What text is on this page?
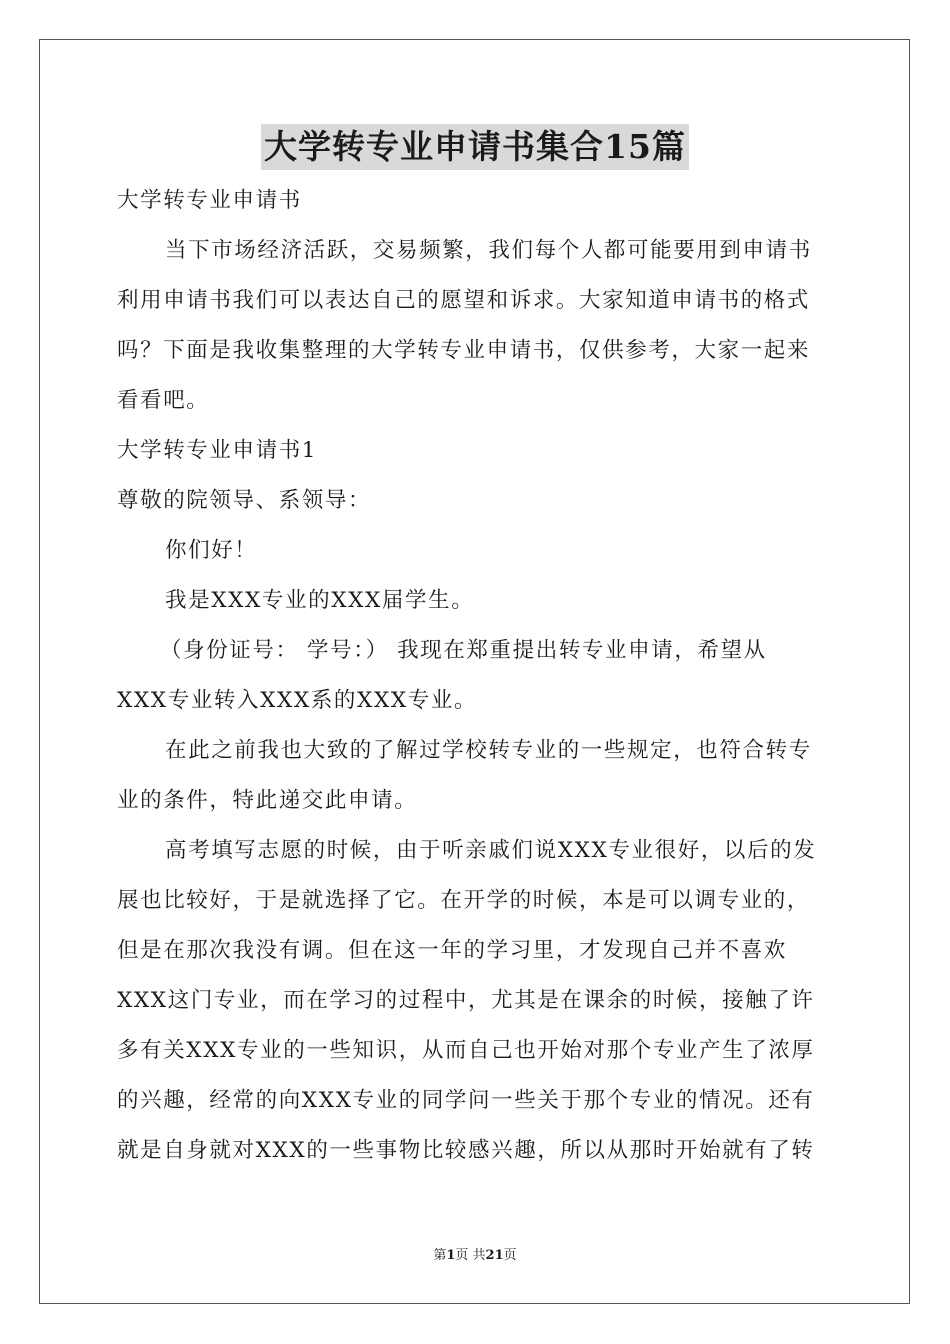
大学转专业申请书集合15篇
大学转专业申请书
当下市场经济活跃，交易频繁，我们每个人都可能要用到申请书
利用申请书我们可以表达自己的愿望和诉求。大家知道申请书的格式
吗？下面是我收集整理的大学转专业申请书，仅供参考，大家一起来
看看吧。
大学转专业申请书1
尊敬的院领导、系领导：
你们好！
我是XXX专业的XXX届学生。
（身份证号： 学号：） 我现在郑重提出转专业申请，希望从
XXX专业转入XXX系的XXX专业。
在此之前我也大致的了解过学校转专业的一些规定，也符合转专
业的条件，特此递交此申请。
高考填写志愿的时候，由于听亲戚们说XXX专业很好，以后的发
展也比较好，于是就选择了它。在开学的时候，本是可以调专业的，
但是在那次我没有调。但在这一年的学习里，才发现自己并不喜欢
XXX这门专业，而在学习的过程中，尤其是在课余的时候，接触了许
多有关XXX专业的一些知识，从而自己也开始对那个专业产生了浓厚
的兴趣，经常的向XXX专业的同学问一些关于那个专业的情况。还有
就是自身就对XXX的一些事物比较感兴趣，所以从那时开始就有了转
第1页 共21页
